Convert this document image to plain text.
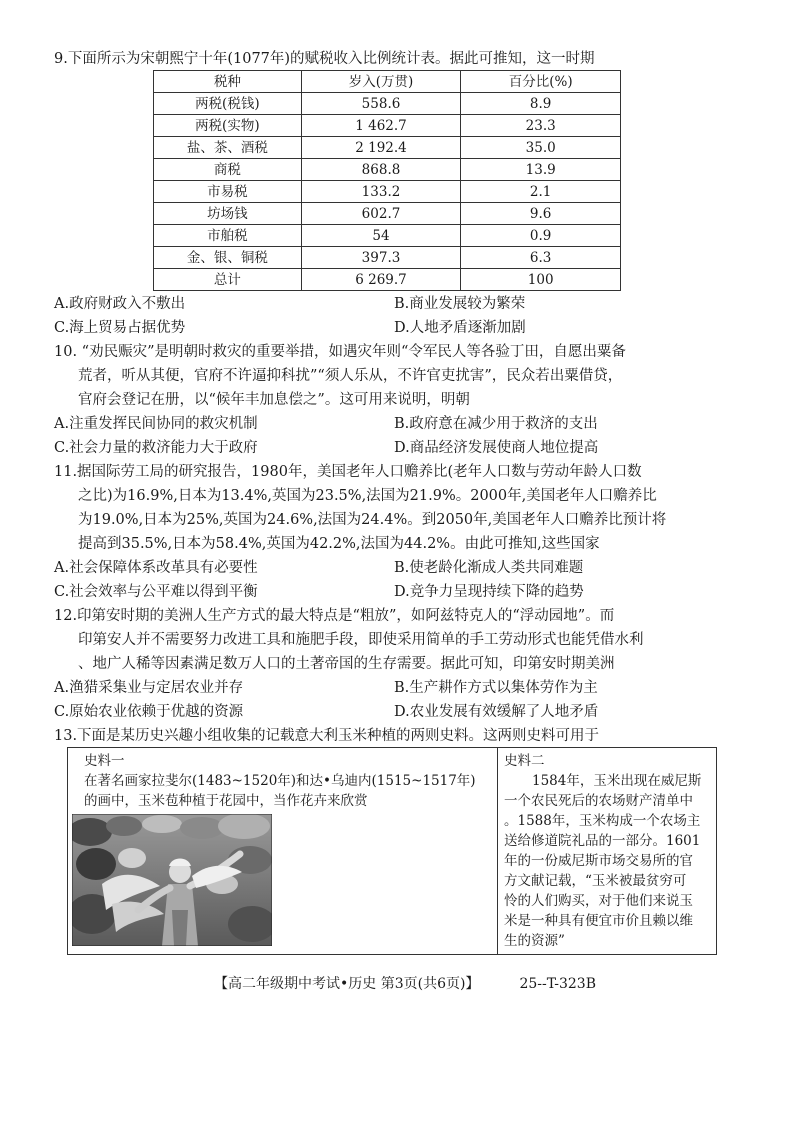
9.下面所示为宋朝熙宁十年(1077年)的赋税收入比例统计表。据此可推知，这一时期
税种	岁入(万贯)	百分比(%)
两税(税钱)	558.6	8.9
两税(实物)	1 462.7	23.3
盐、茶、酒税	2 192.4	35.0
商税	868.8	13.9
市易税	133.2	2.1
坊场钱	602.7	9.6
市舶税	54	0.9
金、银、铜税	397.3	6.3
总计	6 269.7	100
A.政府财政入不敷出	B.商业发展较为繁荣
C.海上贸易占据优势	D.人地矛盾逐渐加剧
10. “劝民赈灾”是明朝时救灾的重要举措，如遇灾年则“令军民人等各验丁田，自愿出粟备
荒者，听从其便，官府不许逼抑科扰”“须人乐从，不许官吏扰害”，民众若出粟借贷，
官府会登记在册，以“候年丰加息偿之”。这可用来说明，明朝
A.注重发挥民间协同的救灾机制	B.政府意在减少用于救济的支出
C.社会力量的救济能力大于政府	D.商品经济发展使商人地位提高
11.据国际劳工局的研究报告，1980年，美国老年人口赡养比(老年人口数与劳动年龄人口数
之比)为16.9%,日本为13.4%,英国为23.5%,法国为21.9%。2000年,美国老年人口赡养比
为19.0%,日本为25%,英国为24.6%,法国为24.4%。到2050年,美国老年人口赡养比预计将
提高到35.5%,日本为58.4%,英国为42.2%,法国为44.2%。由此可推知,这些国家
A.社会保障体系改革具有必要性	B.使老龄化渐成人类共同难题
C.社会效率与公平难以得到平衡	D.竞争力呈现持续下降的趋势
12.印第安时期的美洲人生产方式的最大特点是“粗放”，如阿兹特克人的“浮动园地”。而
印第安人并不需要努力改进工具和施肥手段，即使采用简单的手工劳动形式也能凭借水利
、地广人稀等因素满足数万人口的土著帝国的生存需要。据此可知，印第安时期美洲
A.渔猎采集业与定居农业并存	B.生产耕作方式以集体劳作为主
C.原始农业依赖于优越的资源	D.农业发展有效缓解了人地矛盾
13.下面是某历史兴趣小组收集的记载意大利玉米种植的两则史料。这两则史料可用于
史料一
在著名画家拉斐尔(1483~1520年)和达•乌迪内(1515~1517年)
的画中，玉米苞种植于花园中，当作花卉来欣赏
史料二
1584年，玉米出现在威尼斯
一个农民死后的农场财产清单中
。1588年，玉米构成一个农场主
送给修道院礼品的一部分。1601
年的一份威尼斯市场交易所的官
方文献记载，“玉米被最贫穷可
怜的人们购买，对于他们来说玉
米是一种具有便宜市价且赖以维
生的资源”
【高二年级期中考试•历史 第3页(共6页)】	25--T-323B
